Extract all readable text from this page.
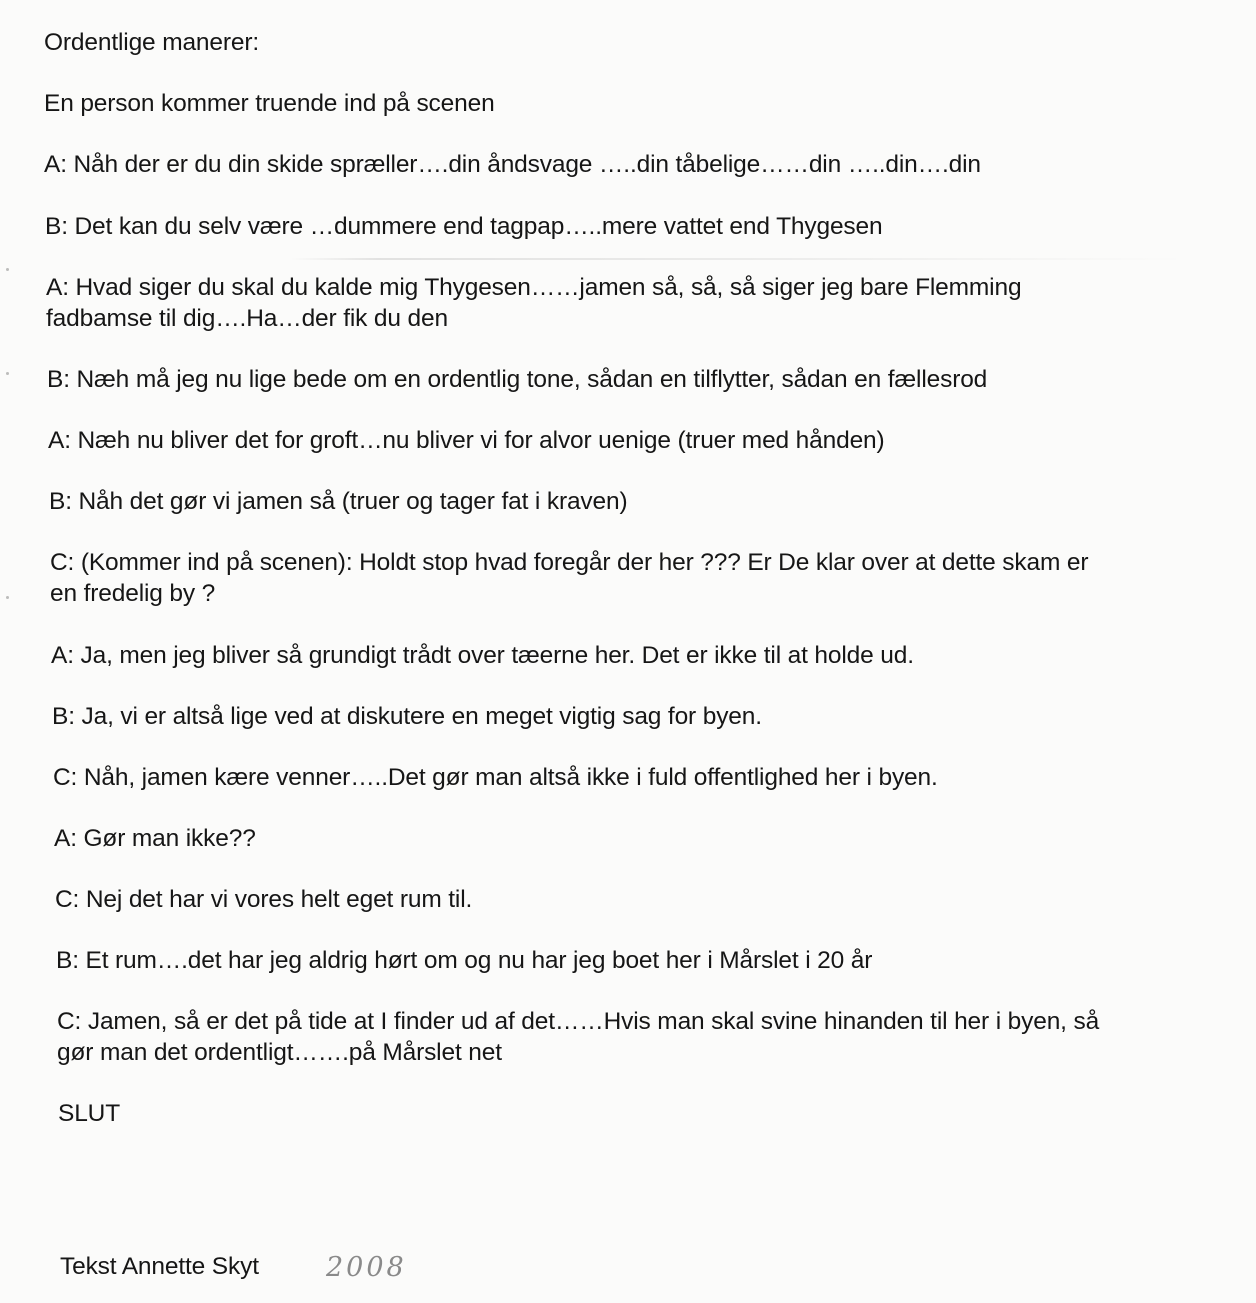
Ordentlige manerer:
En person kommer truende ind på scenen
A: Nåh der er du din skide spræller….din åndsvage …..din tåbelige……din …..din….din
B: Det kan du selv være …dummere end tagpap…..mere vattet end Thygesen
A: Hvad siger du skal du kalde mig Thygesen……jamen så, så, så siger jeg bare Flemming
fadbamse til dig….Ha…der fik du den
B: Næh må jeg nu lige bede om en ordentlig tone, sådan en tilflytter, sådan en fællesrod
A: Næh nu bliver det for groft…nu bliver vi for alvor uenige (truer med hånden)
B: Nåh det gør vi jamen så (truer og tager fat i kraven)
C: (Kommer ind på scenen): Holdt stop hvad foregår der her ??? Er De klar over at dette skam er
en fredelig by ?
A: Ja, men jeg bliver så grundigt trådt over tæerne her. Det er ikke til at holde ud.
B: Ja, vi er altså lige ved at diskutere en meget vigtig sag for byen.
C: Nåh, jamen kære venner…..Det gør man altså ikke i fuld offentlighed her i byen.
A: Gør man ikke??
C: Nej det har vi vores helt eget rum til.
B: Et rum….det har jeg aldrig hørt om og nu har jeg boet her i Mårslet i 20 år
C: Jamen, så er det på tide at I finder ud af det……Hvis man skal svine hinanden til her i byen, så
gør man det ordentligt…….på Mårslet net
SLUT
Tekst Annette Skyt 2008
